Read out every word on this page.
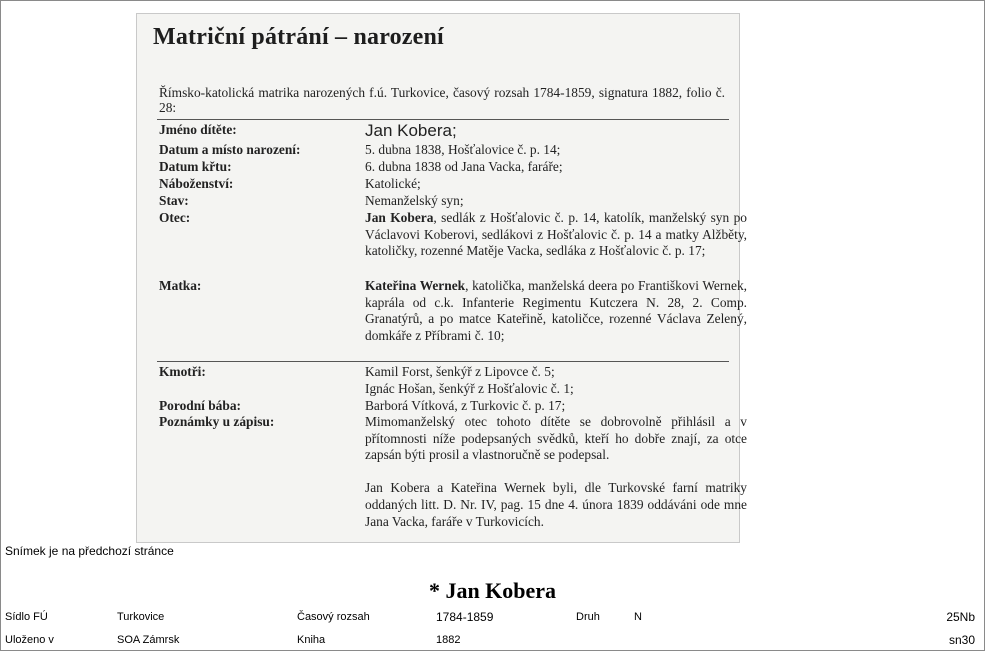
Matriční pátrání – narození
Římsko-katolická matrika narozených f.ú. Turkovice, časový rozsah 1784-1859, signatura 1882, folio č. 28:
Jméno dítěte:	Jan Kobera;
Datum a místo narození:	5. dubna 1838, Hošťalovice č. p. 14;
Datum křtu:	6. dubna 1838 od Jana Vacka, faráře;
Náboženství:	Katolické;
Stav:	Nemanželský syn;
Otec:	Jan Kobera, sedlák z Hošťalovic č. p. 14, katolík, manželský syn po Václavovi Koberovi, sedlákovi z Hošťalovic č. p. 14 a matky Alžběty, katoličky, rozenné Matěje Vacka, sedláka z Hošťalovic č. p. 17;
Matka:	Kateřina Wernek, katolička, manželská deera po Františkovi Wernek, kaprála od c.k. Infanterie Regimentu Kutczera N. 28, 2. Comp. Granatýrů, a po matce Kateřině, katoličce, rozenné Václava Zelený, domkáře z Příbrami č. 10;
Kmotři:	Kamil Forst, šenkýř z Lipovce č. 5;
Ignác Hošan, šenkýř z Hošťalovic č. 1;
Porodní bába:	Barborá Vítková, z Turkovic č. p. 17;
Poznámky u zápisu:	Mimomanželský otec tohoto dítěte se dobrovolně přihlásil a v přítomnosti níže podepsaných svědků, kteří ho dobře znají, za otce zapsán býti prosil a vlastnoručně se podepsal.

Jan Kobera a Kateřina Wernek byli, dle Turkovské farní matriky oddaných litt. D. Nr. IV, pag. 15 dne 4. února 1839 oddáváni ode mne Jana Vacka, faráře v Turkovicích.
Snímek je na předchozí stránce
* Jan Kobera
Sídlo FÚ	Turkovice	Časový rozsah	1784-1859	Druh	N	25Nb
Uloženo v	SOA Zámrsk	Kniha	1882	sn30
